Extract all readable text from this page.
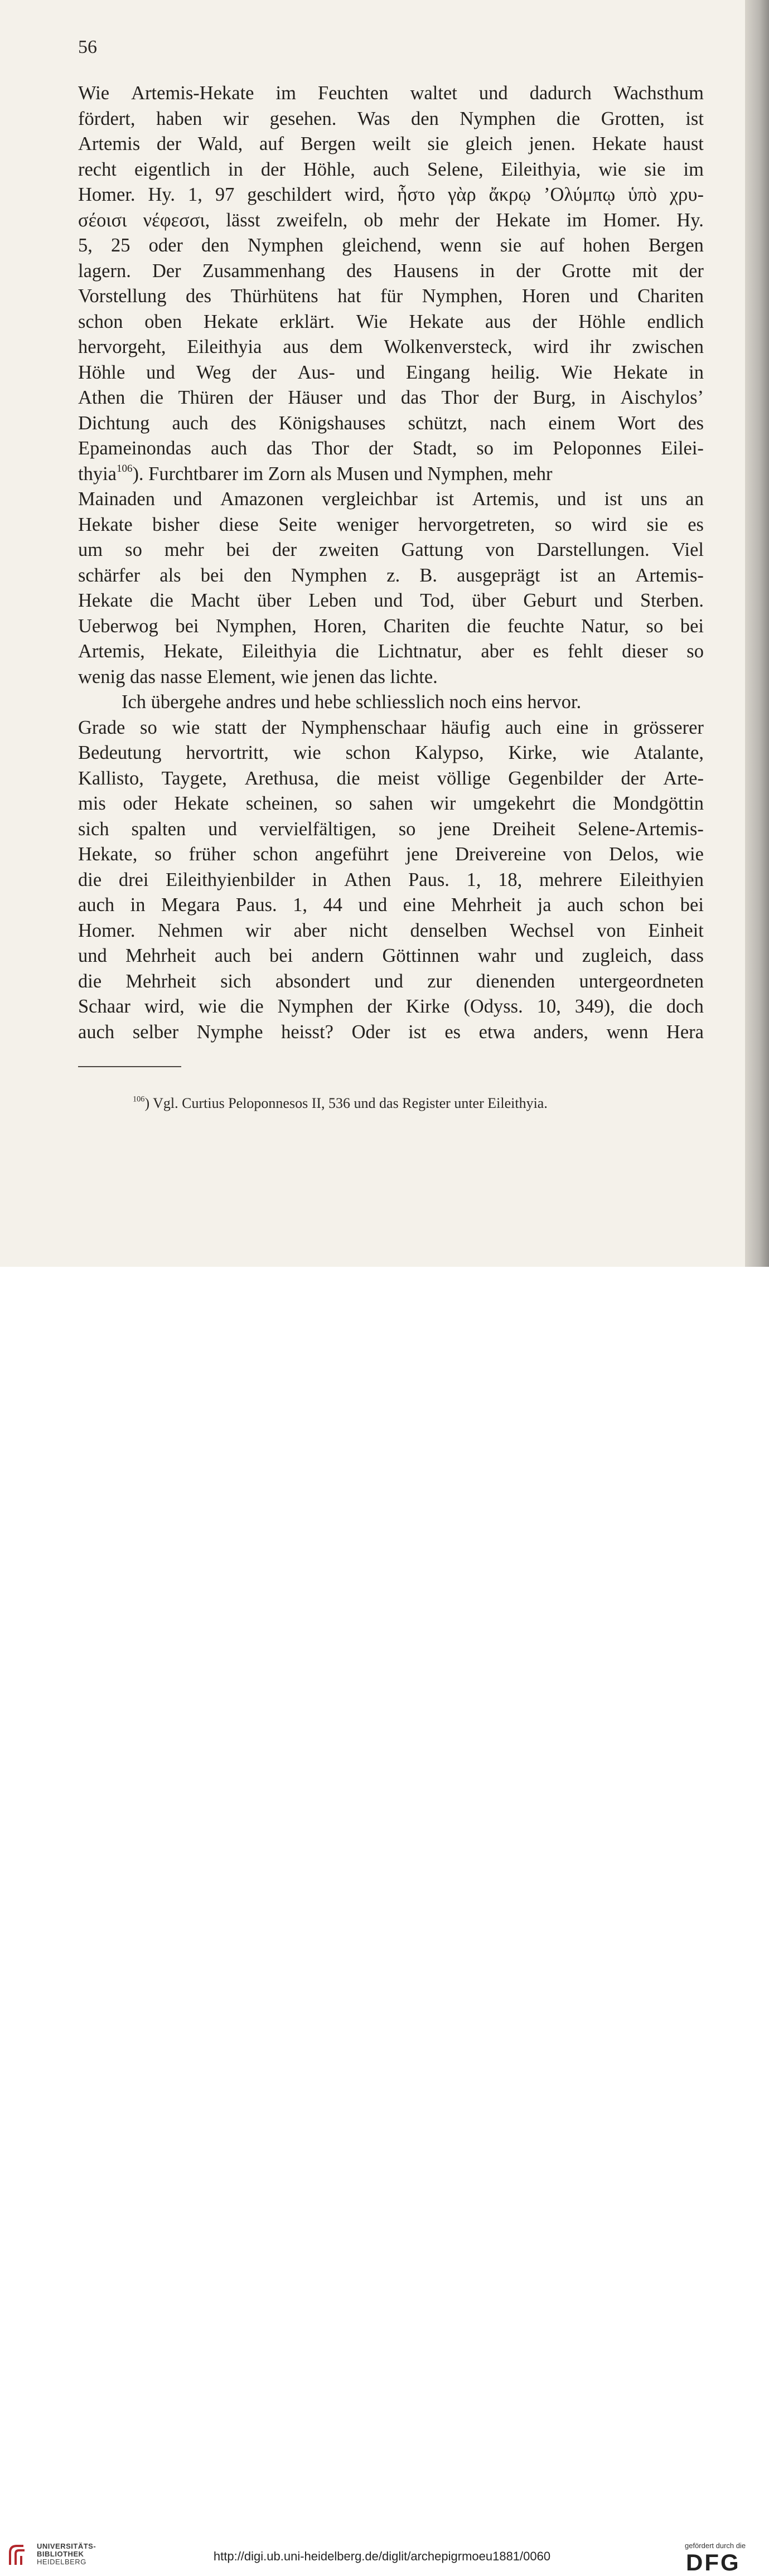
56
Wie Artemis-Hekate im Feuchten waltet und dadurch Wachsthum
fördert, haben wir gesehen. Was den Nymphen die Grotten, ist
Artemis der Wald, auf Bergen weilt sie gleich jenen. Hekate haust
recht eigentlich in der Höhle, auch Selene, Eileithyia, wie sie im
Homer. Hy. 1, 97 geschildert wird, ἧστο γὰρ ἄκρῳ ’Ολύμπῳ ὑπὸ χρυ-
σέοισι νέφεσσι, lässt zweifeln, ob mehr der Hekate im Homer. Hy.
5, 25 oder den Nymphen gleichend, wenn sie auf hohen Bergen
lagern. Der Zusammenhang des Hausens in der Grotte mit der
Vorstellung des Thürhütens hat für Nymphen, Horen und Chariten
schon oben Hekate erklärt. Wie Hekate aus der Höhle endlich
hervorgeht, Eileithyia aus dem Wolkenversteck, wird ihr zwischen
Höhle und Weg der Aus- und Eingang heilig. Wie Hekate in
Athen die Thüren der Häuser und das Thor der Burg, in Aischylos’
Dichtung auch des Königshauses schützt, nach einem Wort des
Epameinondas auch das Thor der Stadt, so im Peloponnes Eilei-
thyia$^{106}$). Furchtbarer im Zorn als Musen und Nymphen, mehr
Mainaden und Amazonen vergleichbar ist Artemis, und ist uns an
Hekate bisher diese Seite weniger hervorgetreten, so wird sie es
um so mehr bei der zweiten Gattung von Darstellungen. Viel
schärfer als bei den Nymphen z. B. ausgeprägt ist an Artemis-
Hekate die Macht über Leben und Tod, über Geburt und Sterben.
Ueberwog bei Nymphen, Horen, Chariten die feuchte Natur, so bei
Artemis, Hekate, Eileithyia die Lichtnatur, aber es fehlt dieser so
wenig das nasse Element, wie jenen das lichte.
Ich übergehe andres und hebe schliesslich noch eins hervor.
Grade so wie statt der Nymphenschaar häufig auch eine in grösserer
Bedeutung hervortritt, wie schon Kalypso, Kirke, wie Atalante,
Kallisto, Taygete, Arethusa, die meist völlige Gegenbilder der Arte-
mis oder Hekate scheinen, so sahen wir umgekehrt die Mondgöttin
sich spalten und vervielfältigen, so jene Dreiheit Selene-Artemis-
Hekate, so früher schon angeführt jene Dreivereine von Delos, wie
die drei Eileithyienbilder in Athen Paus. 1, 18, mehrere Eileithyien
auch in Megara Paus. 1, 44 und eine Mehrheit ja auch schon bei
Homer. Nehmen wir aber nicht denselben Wechsel von Einheit
und Mehrheit auch bei andern Göttinnen wahr und zugleich, dass
die Mehrheit sich absondert und zur dienenden untergeordneten
Schaar wird, wie die Nymphen der Kirke (Odyss. 10, 349), die doch
auch selber Nymphe heisst? Oder ist es etwa anders, wenn Hera
$^{106}$) Vgl. Curtius Peloponnesos II, 536 und das Register unter Eileithyia.
UNIVERSITÄTS-
BIBLIOTHEK
HEIDELBERG	http://digi.ub.uni-heidelberg.de/diglit/archepigrmoeu1881/0060
gefördert durch die
DFG
